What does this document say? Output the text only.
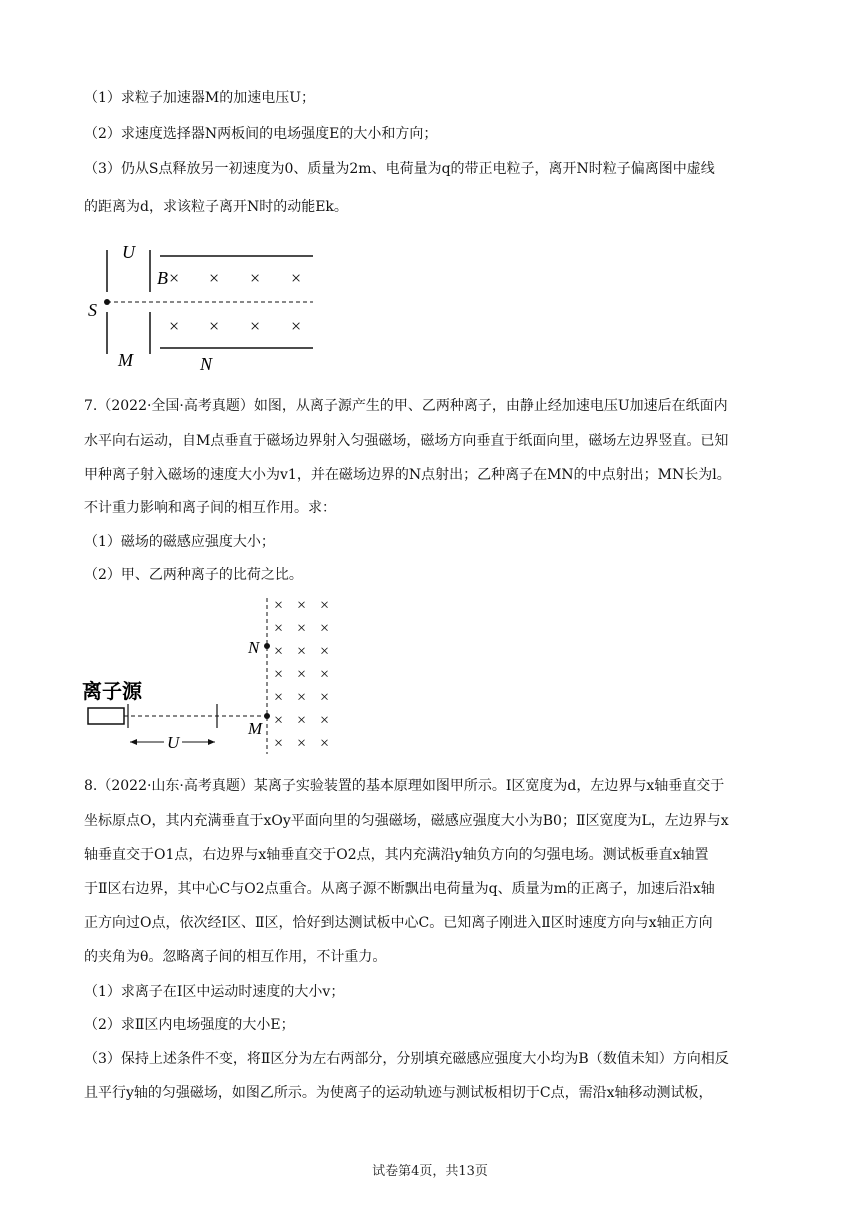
（1）求粒子加速器M的加速电压U；
（2）求速度选择器N两板间的电场强度E的大小和方向；
（3）仍从S点释放另一初速度为0、质量为2m、电荷量为q的带正电粒子，离开N时粒子偏离图中虚线
的距离为d，求该粒子离开N时的动能Ek。
U
S
M
B
N
× × × ×
× × × ×
7.（2022·全国·高考真题）如图，从离子源产生的甲、乙两种离子，由静止经加速电压U加速后在纸面内
水平向右运动，自M点垂直于磁场边界射入匀强磁场，磁场方向垂直于纸面向里，磁场左边界竖直。已知
甲种离子射入磁场的速度大小为v1，并在磁场边界的N点射出；乙种离子在MN的中点射出；MN长为l。
不计重力影响和离子间的相互作用。求：
（1）磁场的磁感应强度大小；
（2）甲、乙两种离子的比荷之比。
离子源
U
N
M
× × ×
× × ×
× × ×
× × ×
× × ×
× × ×
× × ×
8.（2022·山东·高考真题）某离子实验装置的基本原理如图甲所示。Ⅰ区宽度为d，左边界与x轴垂直交于
坐标原点O，其内充满垂直于xOy平面向里的匀强磁场，磁感应强度大小为B0；Ⅱ区宽度为L，左边界与x
轴垂直交于O1点，右边界与x轴垂直交于O2点，其内充满沿y轴负方向的匀强电场。测试板垂直x轴置
于Ⅱ区右边界，其中心C与O2点重合。从离子源不断飘出电荷量为q、质量为m的正离子，加速后沿x轴
正方向过O点，依次经Ⅰ区、Ⅱ区，恰好到达测试板中心C。已知离子刚进入Ⅱ区时速度方向与x轴正方向
的夹角为θ。忽略离子间的相互作用，不计重力。
（1）求离子在Ⅰ区中运动时速度的大小v；
（2）求Ⅱ区内电场强度的大小E；
（3）保持上述条件不变，将Ⅱ区分为左右两部分，分别填充磁感应强度大小均为B（数值未知）方向相反
且平行y轴的匀强磁场，如图乙所示。为使离子的运动轨迹与测试板相切于C点，需沿x轴移动测试板，
试卷第4页，共13页
